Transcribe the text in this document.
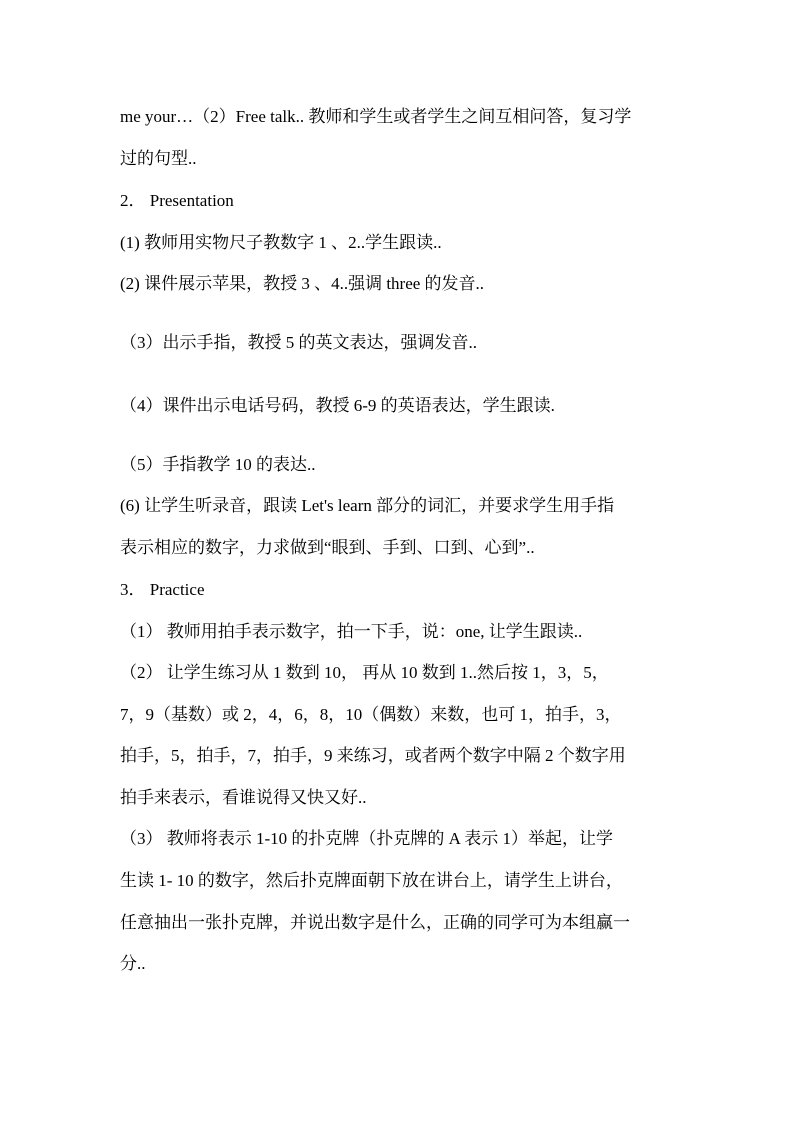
me your…（2）Free talk.. 教师和学生或者学生之间互相问答，复习学
过的句型..
2． Presentation
(1) 教师用实物尺子教数字 1 、2..学生跟读..
(2) 课件展示苹果，教授 3 、4..强调 three 的发音..
（3）出示手指，教授 5 的英文表达，强调发音..
（4）课件出示电话号码，教授 6-9 的英语表达，学生跟读.
（5）手指教学 10 的表达..
(6) 让学生听录音，跟读 Let's learn 部分的词汇，并要求学生用手指
表示相应的数字，力求做到“眼到、手到、口到、心到”..
3． Practice
（1） 教师用拍手表示数字，拍一下手，说：one, 让学生跟读..
（2） 让学生练习从 1 数到 10， 再从 10 数到 1..然后按 1，3，5，
7，9（基数）或 2，4，6，8，10（偶数）来数，也可 1，拍手，3，
拍手，5，拍手，7，拍手，9 来练习，或者两个数字中隔 2 个数字用
拍手来表示，看谁说得又快又好..
（3） 教师将表示 1-10 的扑克牌（扑克牌的 A 表示 1）举起，让学
生读 1- 10 的数字，然后扑克牌面朝下放在讲台上，请学生上讲台，
任意抽出一张扑克牌，并说出数字是什么，正确的同学可为本组赢一
分..
